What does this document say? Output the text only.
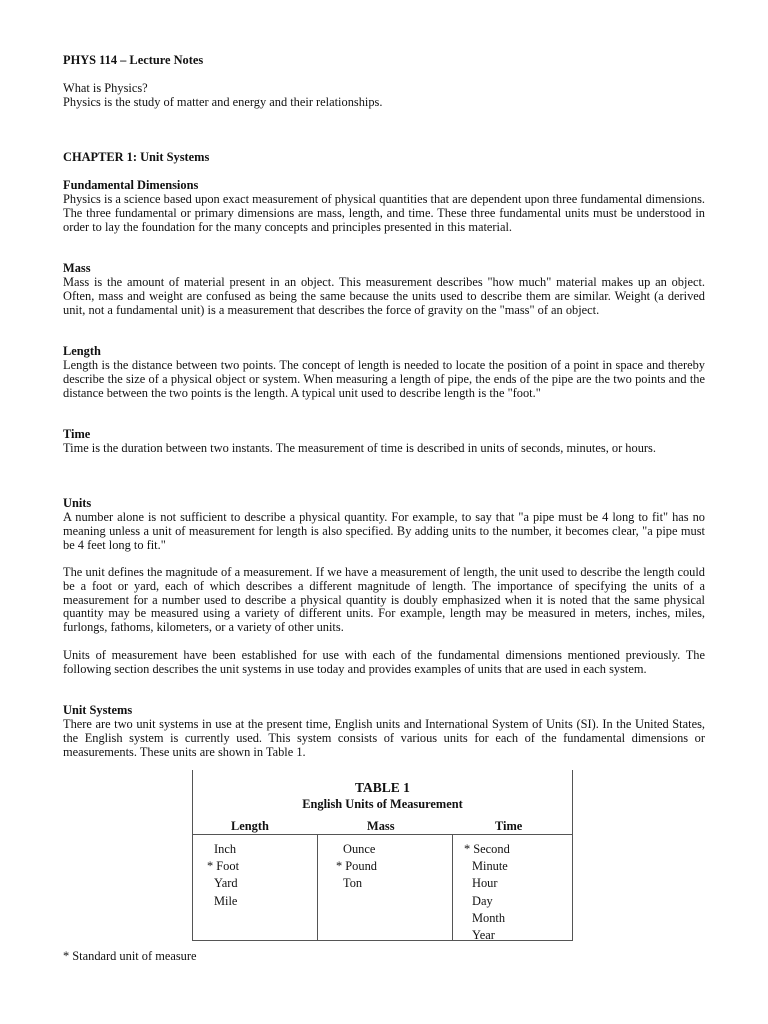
PHYS 114 – Lecture Notes

What is Physics?

Physics is the study of matter and energy and their relationships.

CHAPTER 1: Unit Systems

Fundamental Dimensions

Physics is a science based upon exact measurement of physical quantities that are dependent upon three fundamental dimensions. The three fundamental or primary dimensions are mass, length, and time. These three fundamental units must be understood in order to lay the foundation for the many concepts and principles presented in this material.

Mass

Mass is the amount of material present in an object. This measurement describes "how much" material makes up an object. Often, mass and weight are confused as being the same because the units used to describe them are similar. Weight (a derived unit, not a fundamental unit) is a measurement that describes the force of gravity on the "mass" of an object.

Length

Length is the distance between two points. The concept of length is needed to locate the position of a point in space and thereby describe the size of a physical object or system. When measuring a length of pipe, the ends of the pipe are the two points and the distance between the two points is the length. A typical unit used to describe length is the "foot."

Time

Time is the duration between two instants. The measurement of time is described in units of seconds, minutes, or hours.

Units

A number alone is not sufficient to describe a physical quantity. For example, to say that "a pipe must be 4 long to fit" has no meaning unless a unit of measurement for length is also specified. By adding units to the number, it becomes clear, "a pipe must be 4 feet long to fit."

The unit defines the magnitude of a measurement. If we have a measurement of length, the unit used to describe the length could be a foot or yard, each of which describes a different magnitude of length. The importance of specifying the units of a measurement for a number used to describe a physical quantity is doubly emphasized when it is noted that the same physical quantity may be measured using a variety of different units. For example, length may be measured in meters, inches, miles, furlongs, fathoms, kilometers, or a variety of other units.

Units of measurement have been established for use with each of the fundamental dimensions mentioned previously. The following section describes the unit systems in use today and provides examples of units that are used in each system.

Unit Systems

There are two unit systems in use at the present time, English units and International System of Units (SI). In the United States, the English system is currently used. This system consists of various units for each of the fundamental dimensions or measurements. These units are shown in Table 1.

TABLE 1
English Units of Measurement
Length	Mass	Time
Inch
* Foot
Yard
Mile
Ounce
* Pound
Ton
* Second
Minute
Hour
Day
Month
Year

* Standard unit of measure
